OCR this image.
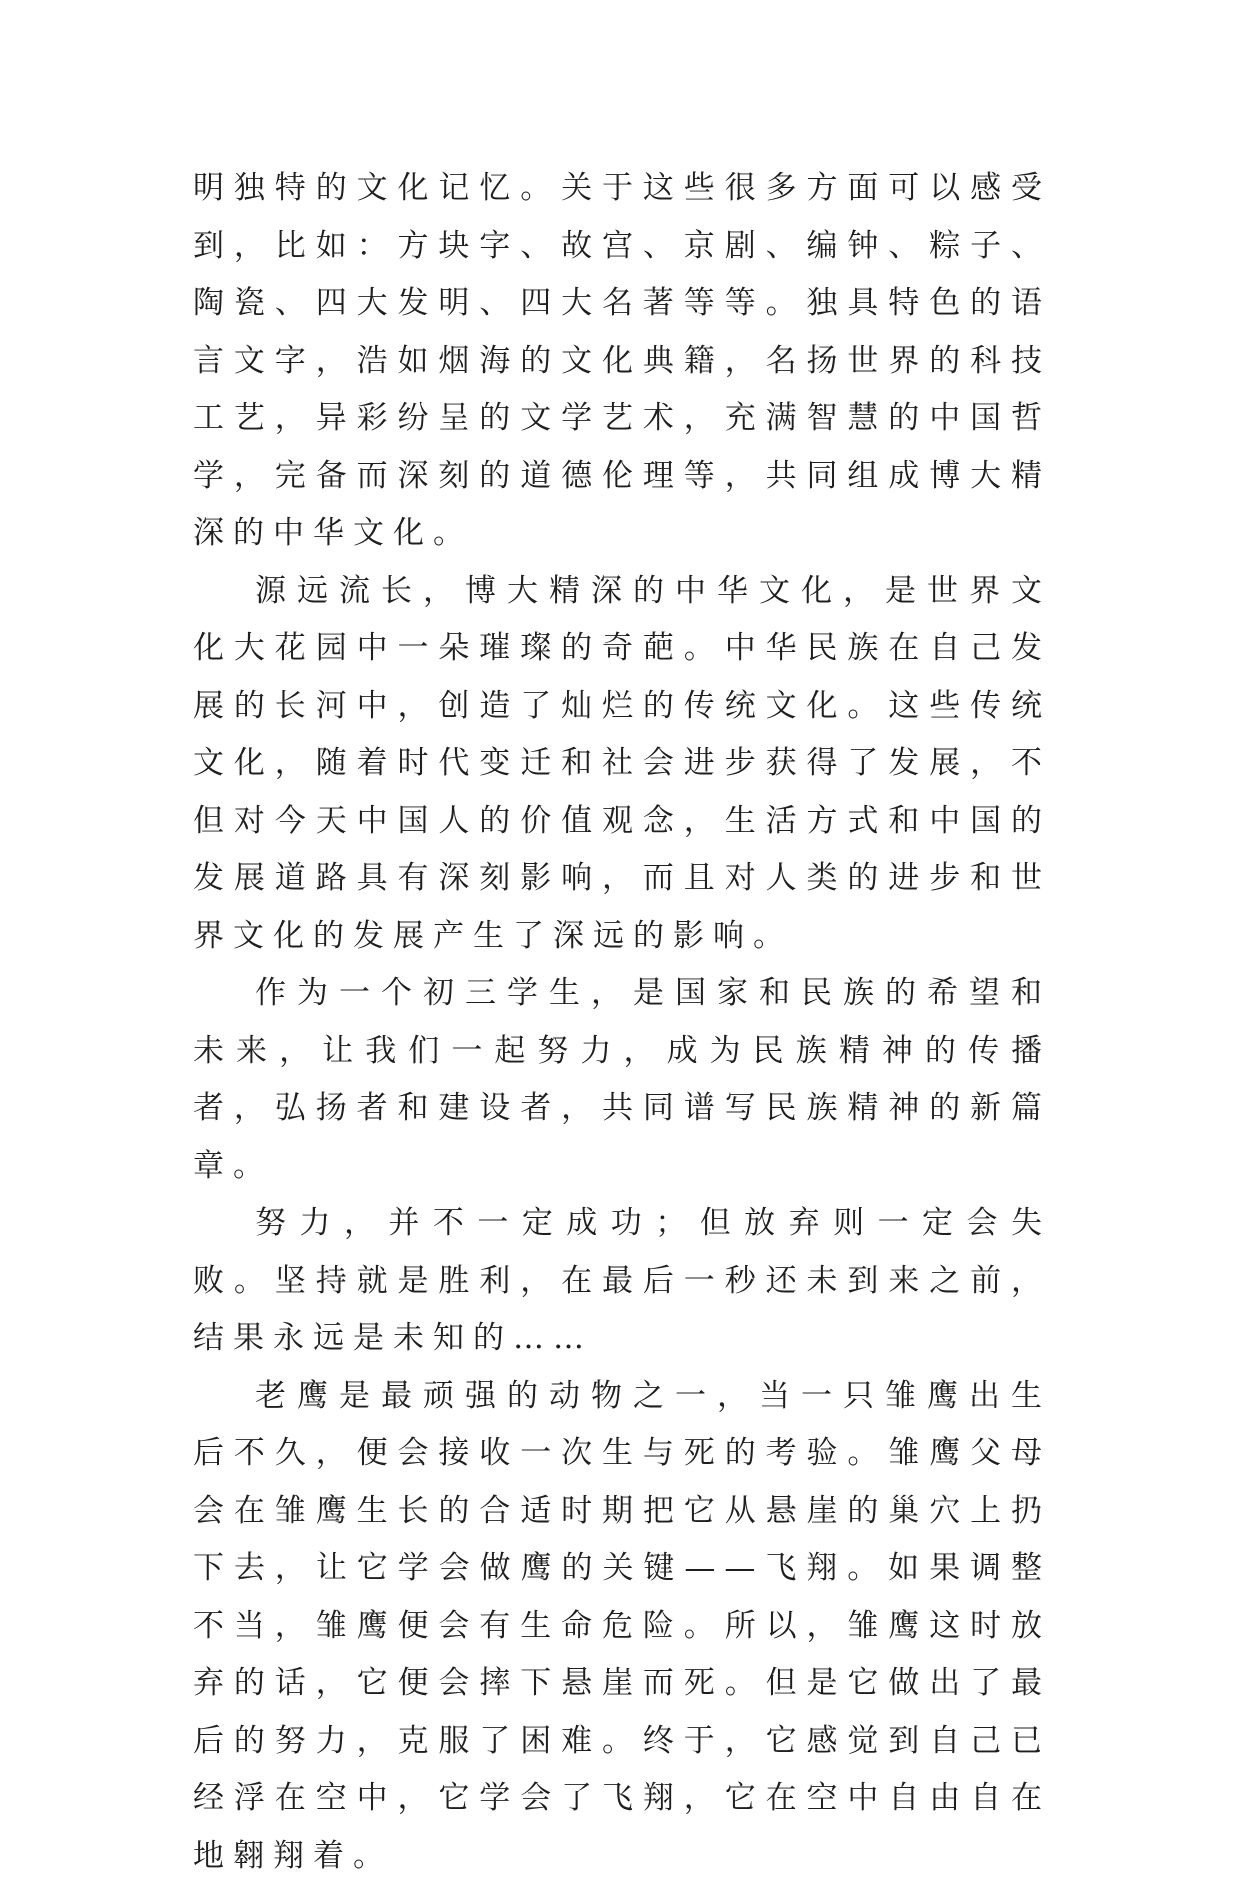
明独特的文化记忆。关于这些很多方面可以感受到，比如：方块字、故宫、京剧、编钟、粽子、陶瓷、四大发明、四大名著等等。独具特色的语言文字，浩如烟海的文化典籍，名扬世界的科技工艺，异彩纷呈的文学艺术，充满智慧的中国哲学，完备而深刻的道德伦理等，共同组成博大精深的中华文化。

源远流长，博大精深的中华文化，是世界文化大花园中一朵璀璨的奇葩。中华民族在自己发展的长河中，创造了灿烂的传统文化。这些传统文化，随着时代变迁和社会进步获得了发展，不但对今天中国人的价值观念，生活方式和中国的发展道路具有深刻影响，而且对人类的进步和世界文化的发展产生了深远的影响。

作为一个初三学生，是国家和民族的希望和未来，让我们一起努力，成为民族精神的传播者，弘扬者和建设者，共同谱写民族精神的新篇章。

努力，并不一定成功；但放弃则一定会失败。坚持就是胜利，在最后一秒还未到来之前，结果永远是未知的……

老鹰是最顽强的动物之一，当一只雏鹰出生后不久，便会接收一次生与死的考验。雏鹰父母会在雏鹰生长的合适时期把它从悬崖的巢穴上扔下去，让它学会做鹰的关键——飞翔。如果调整不当，雏鹰便会有生命危险。所以，雏鹰这时放弃的话，它便会摔下悬崖而死。但是它做出了最后的努力，克服了困难。终于，它感觉到自己已经浮在空中，它学会了飞翔，它在空中自由自在地翱翔着。
